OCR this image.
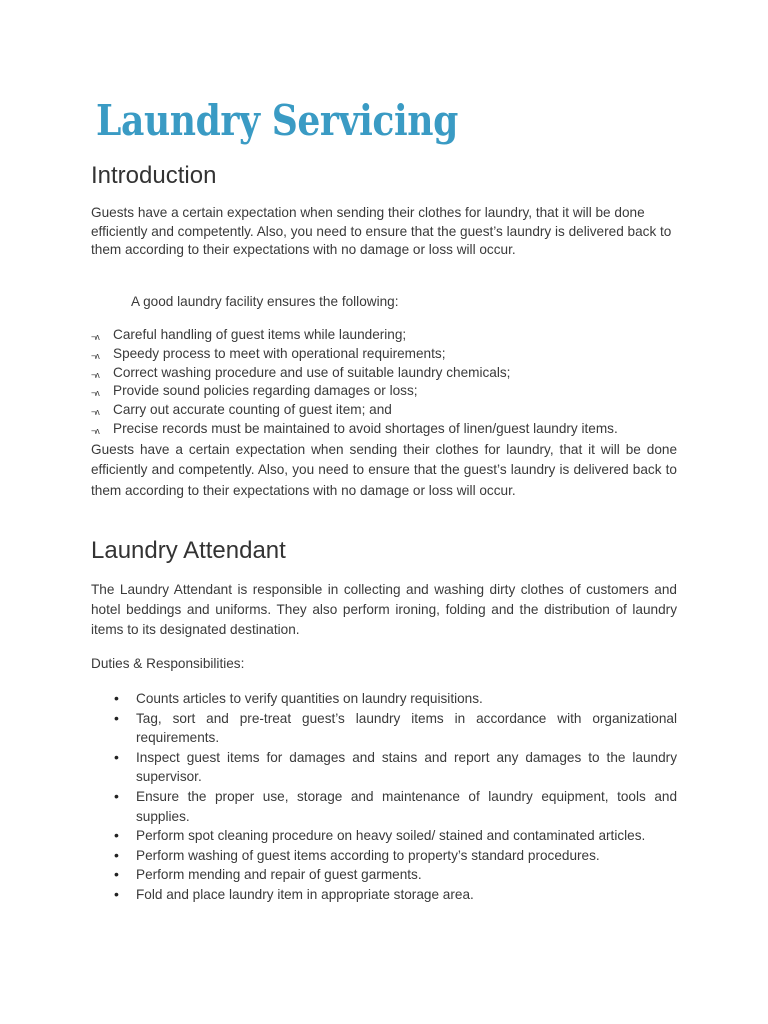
Laundry Servicing
Introduction

Guests have a certain expectation when sending their clothes for laundry, that it will be done efficiently and competently. Also, you need to ensure that the guest’s laundry is delivered back to them according to their expectations with no damage or loss will occur.

A good laundry facility ensures the following:

¬ʌ Careful handling of guest items while laundering;
¬ʌ Speedy process to meet with operational requirements;
¬ʌ Correct washing procedure and use of suitable laundry chemicals;
¬ʌ Provide sound policies regarding damages or loss;
¬ʌ Carry out accurate counting of guest item; and
¬ʌ Precise records must be maintained to avoid shortages of linen/guest laundry items.

Guests have a certain expectation when sending their clothes for laundry, that it will be done efficiently and competently. Also, you need to ensure that the guest’s laundry is delivered back to them according to their expectations with no damage or loss will occur.

Laundry Attendant

The Laundry Attendant is responsible in collecting and washing dirty clothes of customers and hotel beddings and uniforms. They also perform ironing, folding and the distribution of laundry items to its designated destination.

Duties & Responsibilities:

• Counts articles to verify quantities on laundry requisitions.
• Tag, sort and pre-treat guest’s laundry items in accordance with organizational requirements.
• Inspect guest items for damages and stains and report any damages to the laundry supervisor.
• Ensure the proper use, storage and maintenance of laundry equipment, tools and supplies.
• Perform spot cleaning procedure on heavy soiled/ stained and contaminated articles.
• Perform washing of guest items according to property’s standard procedures.
• Perform mending and repair of guest garments.
• Fold and place laundry item in appropriate storage area.
